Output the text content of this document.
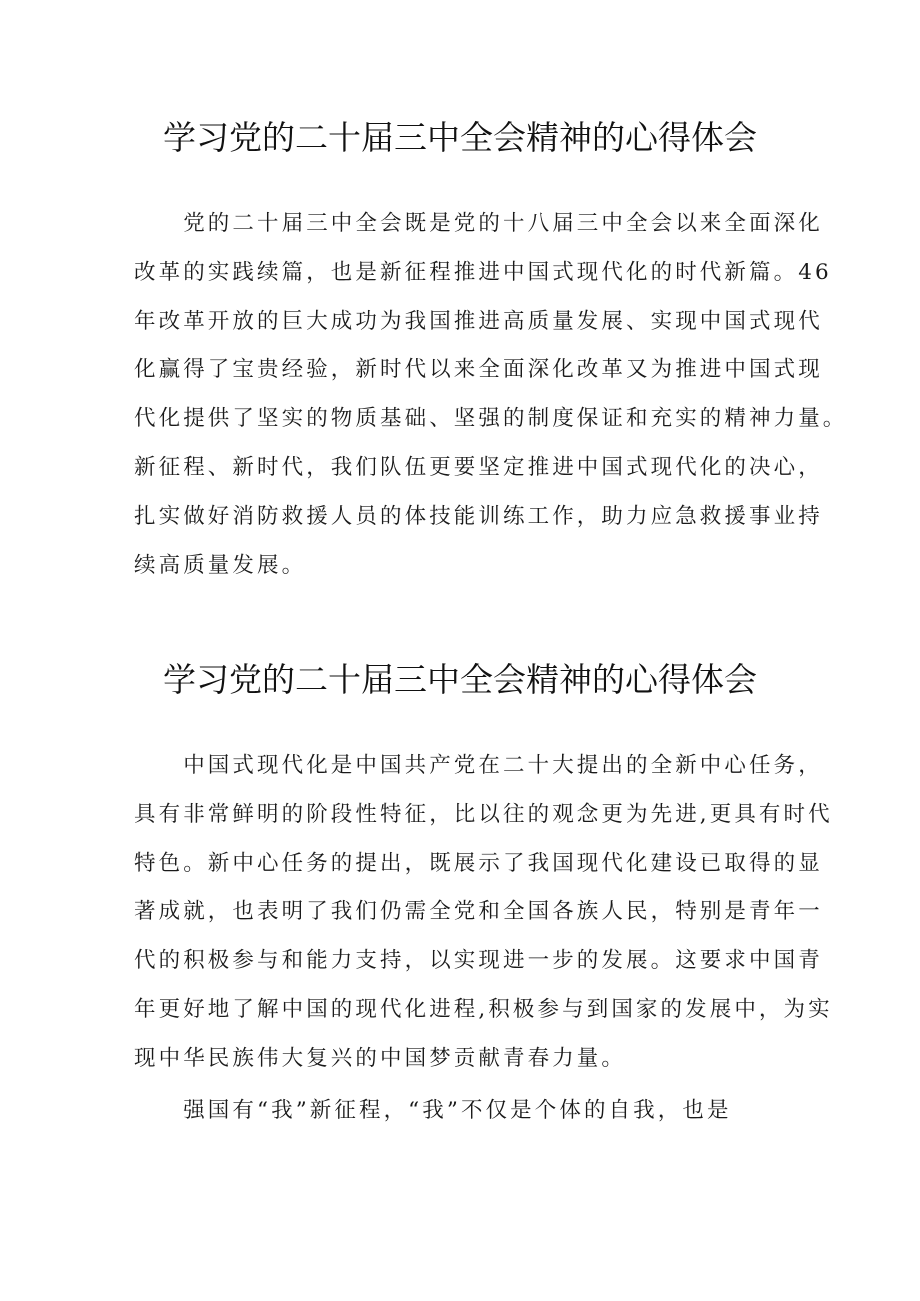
学习党的二十届三中全会精神的心得体会
　　党的二十届三中全会既是党的十八届三中全会以来全面深化
改革的实践续篇，也是新征程推进中国式现代化的时代新篇。46
年改革开放的巨大成功为我国推进高质量发展、实现中国式现代
化赢得了宝贵经验，新时代以来全面深化改革又为推进中国式现
代化提供了坚实的物质基础、坚强的制度保证和充实的精神力量。
新征程、新时代，我们队伍更要坚定推进中国式现代化的决心，
扎实做好消防救援人员的体技能训练工作，助力应急救援事业持
续高质量发展。
学习党的二十届三中全会精神的心得体会
　　中国式现代化是中国共产党在二十大提出的全新中心任务，
具有非常鲜明的阶段性特征，比以往的观念更为先进,更具有时代
特色。新中心任务的提出，既展示了我国现代化建设已取得的显
著成就，也表明了我们仍需全党和全国各族人民，特别是青年一
代的积极参与和能力支持，以实现进一步的发展。这要求中国青
年更好地了解中国的现代化进程,积极参与到国家的发展中，为实
现中华民族伟大复兴的中国梦贡献青春力量。
　　强国有“我”新征程，“我”不仅是个体的自我，也是
